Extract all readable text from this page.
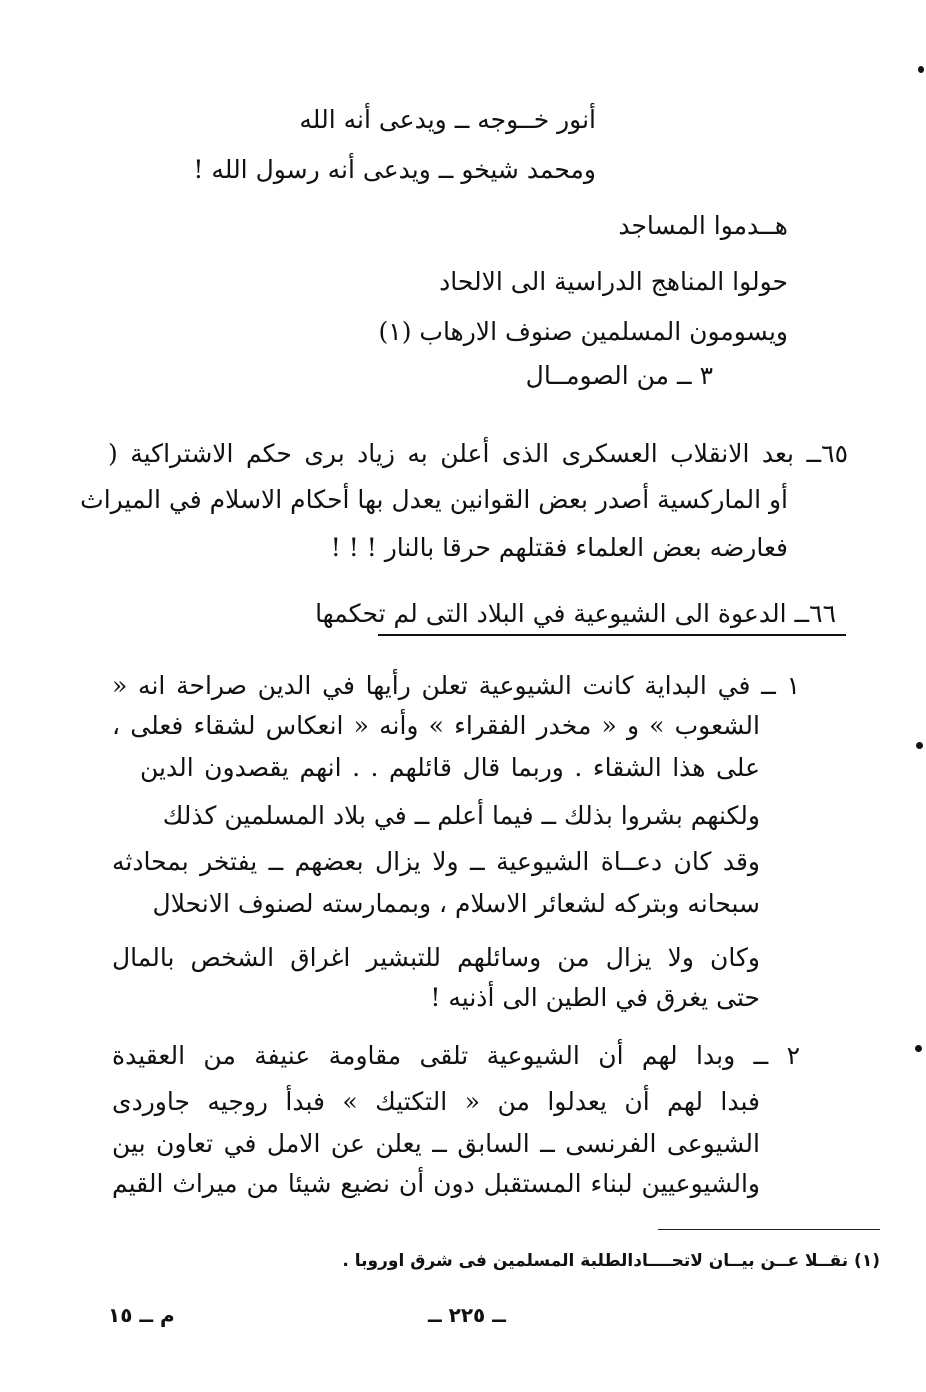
أنور خــوجه ــ ويدعى أنه الله
ومحمد شيخو ــ ويدعى أنه رسول الله !
هــدموا المساجد
حولوا المناهج الدراسية الى الالحاد
ويسومون المسلمين صنوف الارهاب (١)
٣ ــ من الصومــال
٦٥ــ بعد الانقلاب العسكرى الذى أعلن به زياد برى حكم الاشتراكية (
أو الماركسية أصدر بعض القوانين يعدل بها أحكام الاسلام في الميراث
فعارضه بعض العلماء فقتلهم حرقا بالنار ! ! !
٦٦ــ الدعوة الى الشيوعية في البلاد التى لم تحكمها
١ ــ في البداية كانت الشيوعية تعلن رأيها في الدين صراحة انه «
الشعوب » و « مخدر الفقراء » وأنه « انعكاس لشقاء فعلى ،
على هذا الشقاء . وربما قال قائلهم . . انهم يقصدون الدين
ولكنهم بشروا بذلك ــ فيما أعلم ــ في بلاد المسلمين كذلك
وقد كان دعــاة الشيوعية ــ ولا يزال بعضهم ــ يفتخر بمحادثه
سبحانه وبتركه لشعائر الاسلام ، وبممارسته لصنوف الانحلال
وكان ولا يزال من وسائلهم للتبشير اغراق الشخص بالمال
حتى يغرق في الطين الى أذنيه !
٢ ــ وبدا لهم أن الشيوعية تلقى مقاومة عنيفة من العقيدة
فبدا لهم أن يعدلوا من « التكتيك » فبدأ روجيه جاوردى
الشيوعى الفرنسى ــ السابق ــ يعلن عن الامل في تعاون بين
والشيوعيين لبناء المستقبل دون أن نضيع شيئا من ميراث القيم
(١) نقــلا عــن بيــان لاتحــــادالطلبة المسلمين فى شرق اوروبا .
ــ ٢٢٥ ــ
م ــ ١٥
